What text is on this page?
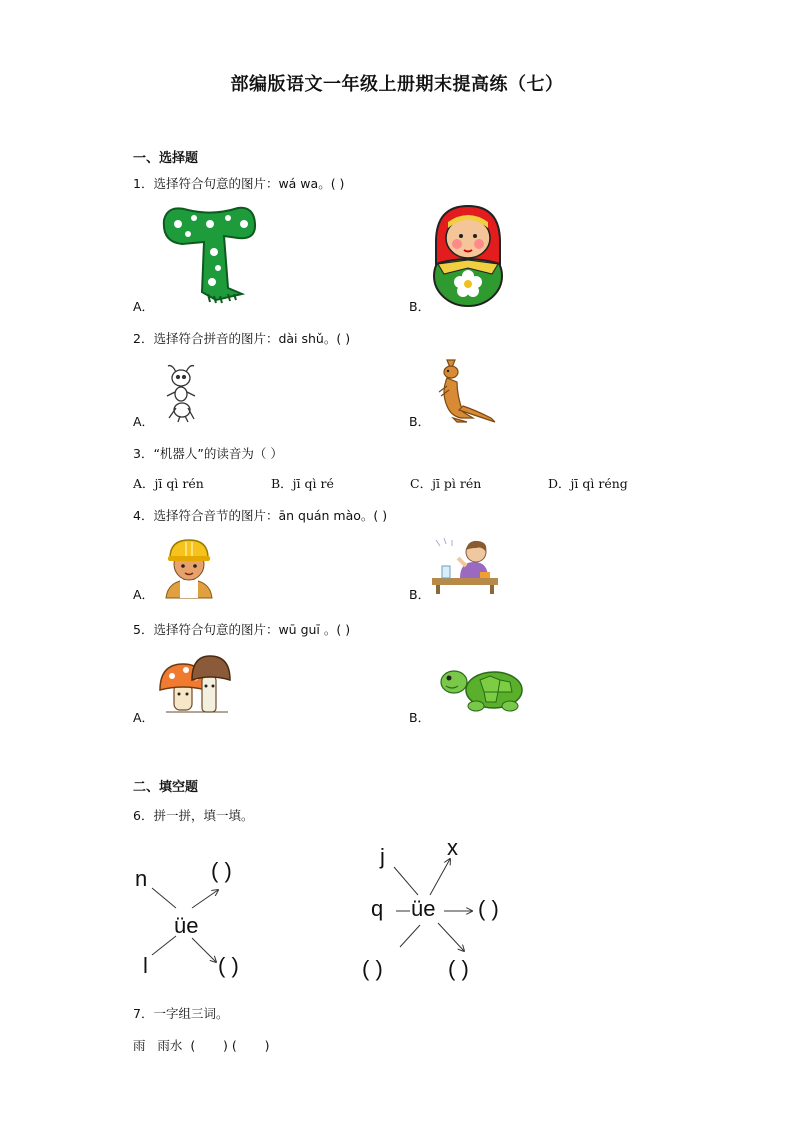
部编版语文一年级上册期末提高练（七）
一、选择题
1．选择符合句意的图片：wá wa。( )
A．	B．
2．选择符合拼音的图片：dài shǔ。( )
A．	B．
3．“机器人”的读音为（ ）
A．jī qì rén	B．jī qì ré	C．jī pì rén	D．jī qì réng
4．选择符合音节的图片：ān quán mào。( )
A．	B．
5．选择符合句意的图片：wū guī 。( )
A．	B．
二、填空题
6．拼一拼，填一填。
n
l
üe
( )
( )
j	x
q üe ( )
( )	( )
7．一字组三词。
雨   雨水  (       ) (       )
